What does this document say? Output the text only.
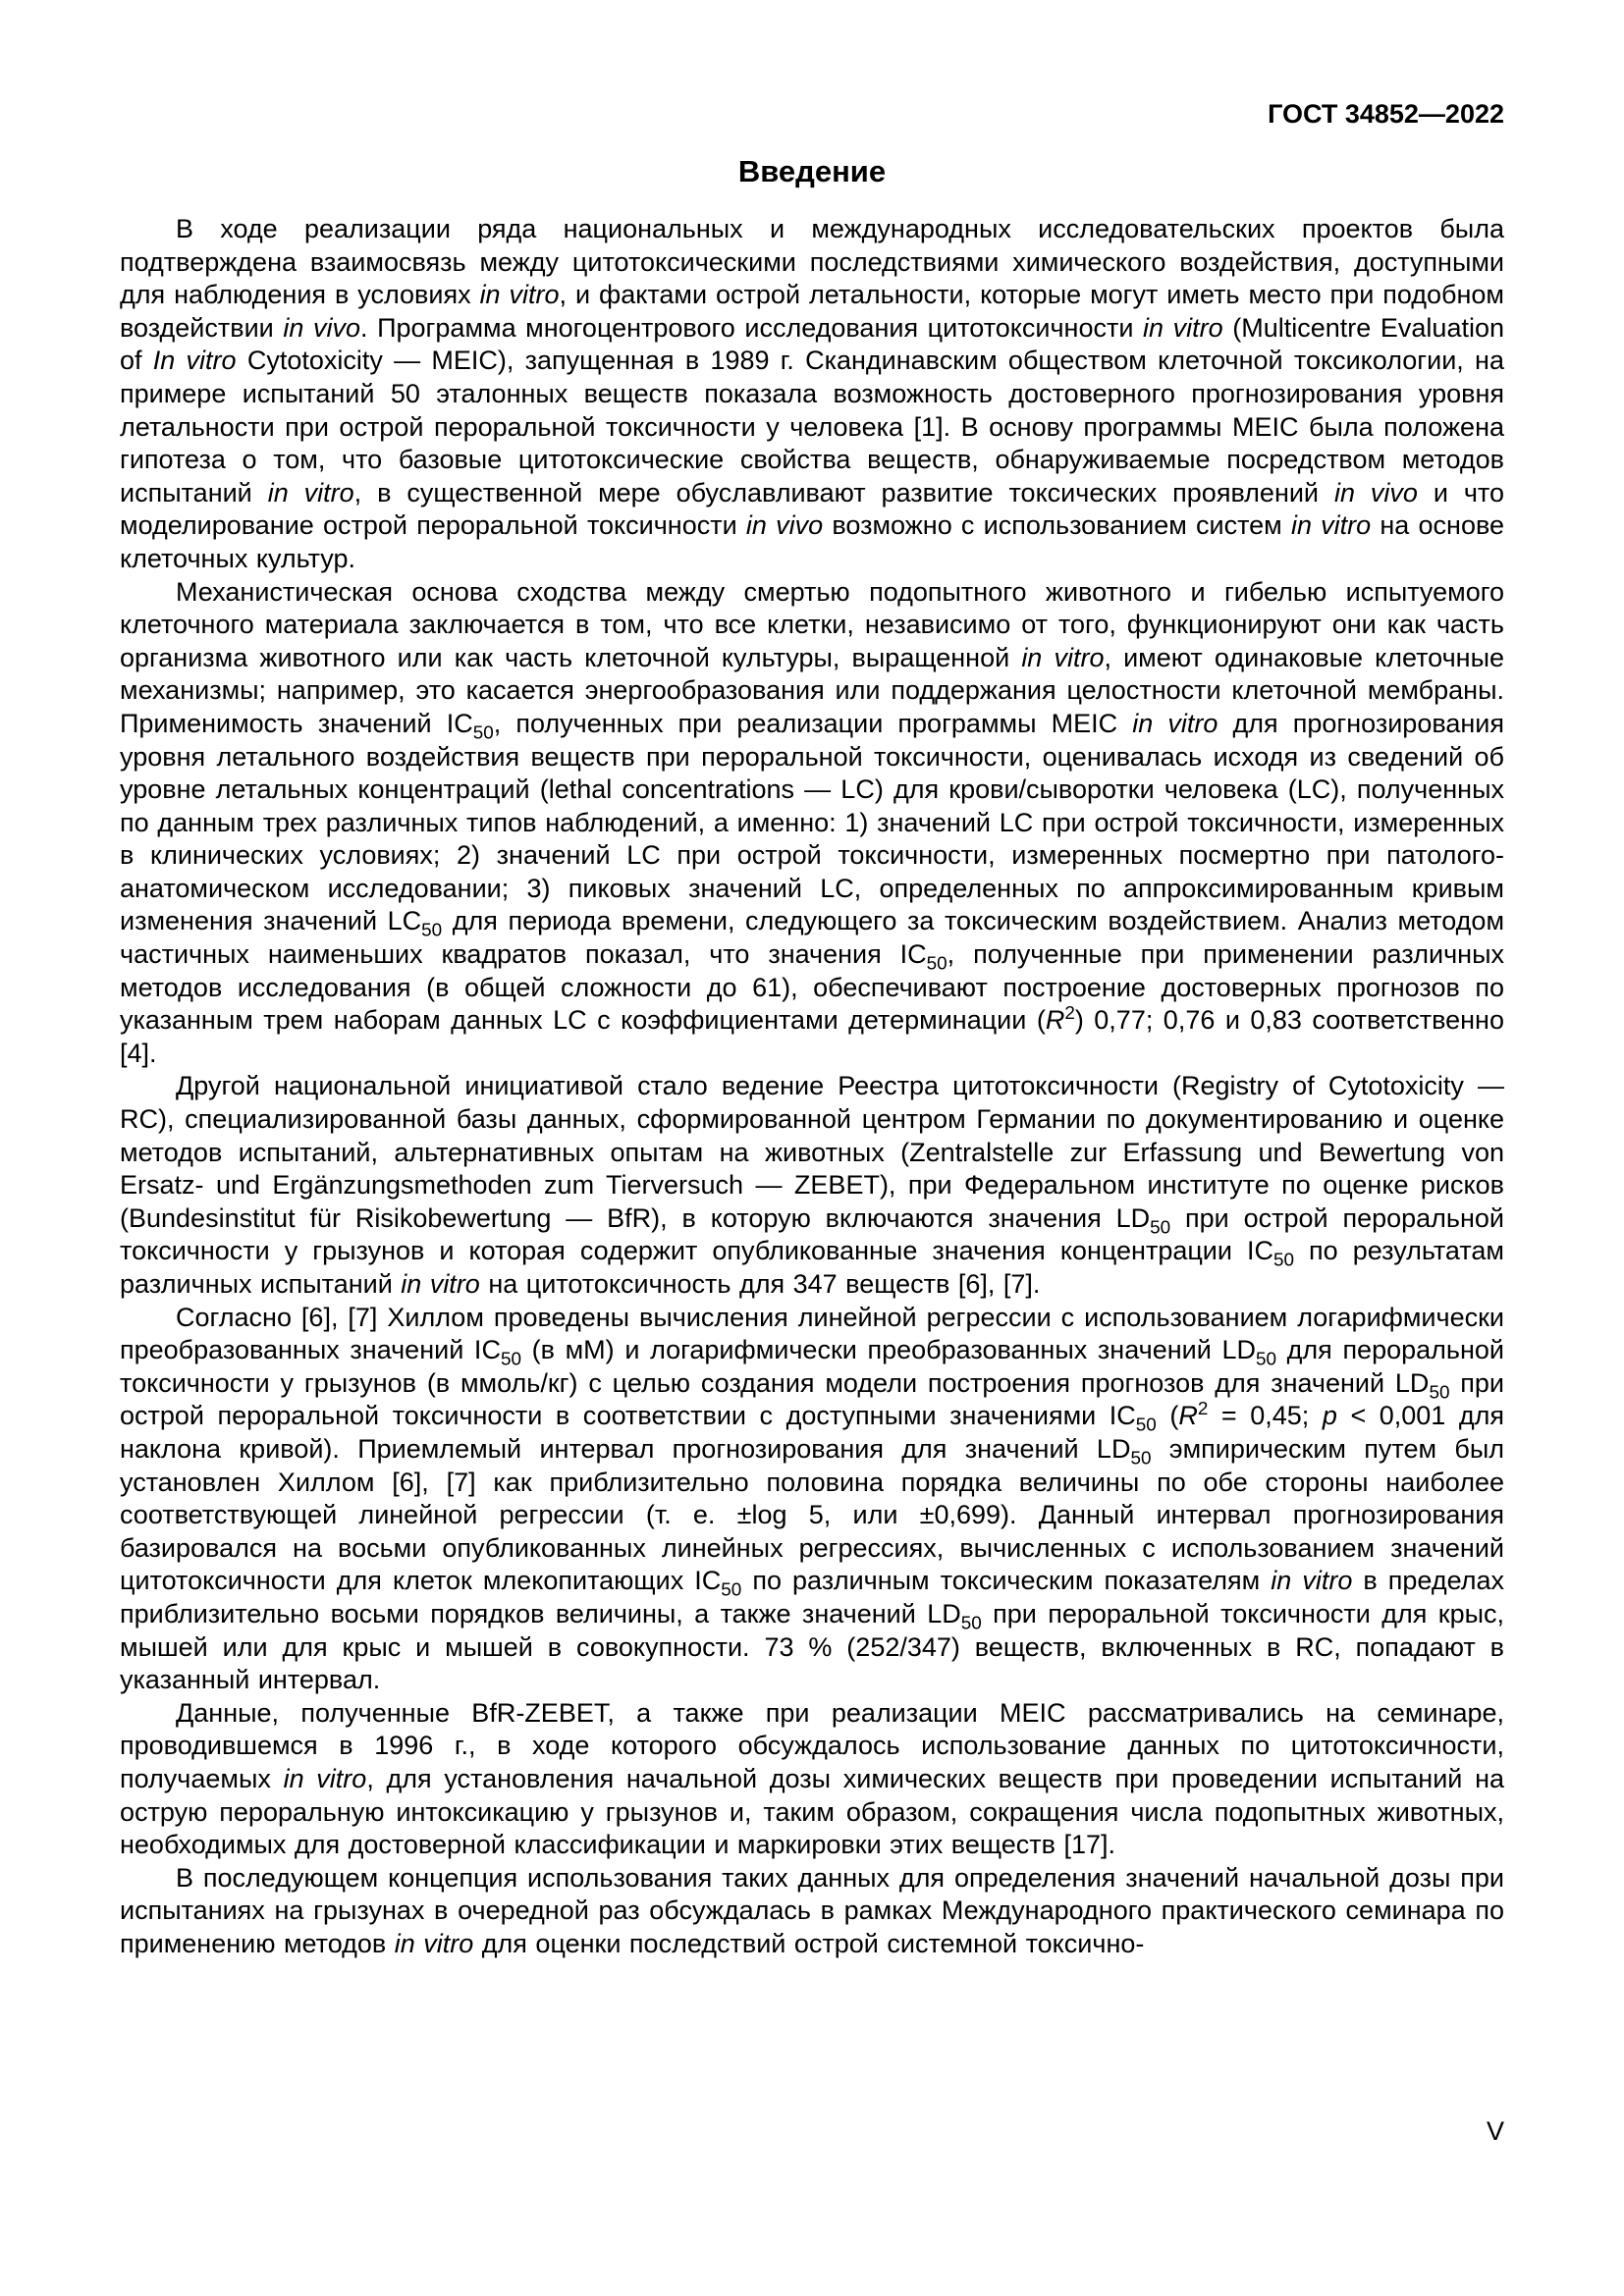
ГОСТ 34852—2022
Введение

В ходе реализации ряда национальных и международных исследовательских проектов была подтверждена взаимосвязь между цитотоксическими последствиями химического воздействия, доступными для наблюдения в условиях in vitro, и фактами острой летальности, которые могут иметь место при подобном воздействии in vivo. Программа многоцентрового исследования цитотоксичности in vitro (Multicentre Evaluation of In vitro Cytotoxicity — MEIC), запущенная в 1989 г. Скандинавским обществом клеточной токсикологии, на примере испытаний 50 эталонных веществ показала возможность достоверного прогнозирования уровня летальности при острой пероральной токсичности у человека [1]. В основу программы MEIC была положена гипотеза о том, что базовые цитотоксические свойства веществ, обнаруживаемые посредством методов испытаний in vitro, в существенной мере обуславливают развитие токсических проявлений in vivo и что моделирование острой пероральной токсичности in vivo возможно с использованием систем in vitro на основе клеточных культур.

Механистическая основа сходства между смертью подопытного животного и гибелью испытуемого клеточного материала заключается в том, что все клетки, независимо от того, функционируют они как часть организма животного или как часть клеточной культуры, выращенной in vitro, имеют одинаковые клеточные механизмы; например, это касается энергообразования или поддержания целостности клеточной мембраны. Применимость значений $IC_{50}$, полученных при реализации программы MEIC in vitro для прогнозирования уровня летального воздействия веществ при пероральной токсичности, оценивалась исходя из сведений об уровне летальных концентраций (lethal concentrations — LC) для крови/сыворотки человека (LC), полученных по данным трех различных типов наблюдений, а именно: 1) значений LC при острой токсичности, измеренных в клинических условиях; 2) значений LC при острой токсичности, измеренных посмертно при патолого-анатомическом исследовании; 3) пиковых значений LC, определенных по аппроксимированным кривым изменения значений $LC_{50}$ для периода времени, следующего за токсическим воздействием. Анализ методом частичных наименьших квадратов показал, что значения $IC_{50}$, полученные при применении различных методов исследования (в общей сложности до 61), обеспечивают построение достоверных прогнозов по указанным трем наборам данных LC с коэффициентами детерминации $(R^2)$ 0,77; 0,76 и 0,83 соответственно [4].

Другой национальной инициативой стало ведение Реестра цитотоксичности (Registry of Cytotoxicity — RC), специализированной базы данных, сформированной центром Германии по документированию и оценке методов испытаний, альтернативных опытам на животных (Zentralstelle zur Erfassung und Bewertung von Ersatz- und Ergänzungsmethoden zum Tierversuch — ZEBET), при Федеральном институте по оценке рисков (Bundesinstitut für Risikobewertung — BfR), в которую включаются значения $LD_{50}$ при острой пероральной токсичности у грызунов и которая содержит опубликованные значения концентрации $IC_{50}$ по результатам различных испытаний in vitro на цитотоксичность для 347 веществ [6], [7].

Согласно [6], [7] Хиллом проведены вычисления линейной регрессии с использованием логарифмически преобразованных значений $IC_{50}$ (в мМ) и логарифмически преобразованных значений $LD_{50}$ для пероральной токсичности у грызунов (в ммоль/кг) с целью создания модели построения прогнозов для значений $LD_{50}$ при острой пероральной токсичности в соответствии с доступными значениями $IC_{50}$ ($R^2 = 0,45$; p < 0,001 для наклона кривой). Приемлемый интервал прогнозирования для значений $LD_{50}$ эмпирическим путем был установлен Хиллом [6], [7] как приблизительно половина порядка величины по обе стороны наиболее соответствующей линейной регрессии (т. е. ±log 5, или ±0,699). Данный интервал прогнозирования базировался на восьми опубликованных линейных регрессиях, вычисленных с использованием значений цитотоксичности для клеток млекопитающих $IC_{50}$ по различным токсическим показателям in vitro в пределах приблизительно восьми порядков величины, а также значений $LD_{50}$ при пероральной токсичности для крыс, мышей или для крыс и мышей в совокупности. 73 % (252/347) веществ, включенных в RC, попадают в указанный интервал.

Данные, полученные BfR-ZEBET, а также при реализации MEIC рассматривались на семинаре, проводившемся в 1996 г., в ходе которого обсуждалось использование данных по цитотоксичности, получаемых in vitro, для установления начальной дозы химических веществ при проведении испытаний на острую пероральную интоксикацию у грызунов и, таким образом, сокращения числа подопытных животных, необходимых для достоверной классификации и маркировки этих веществ [17].

В последующем концепция использования таких данных для определения значений начальной дозы при испытаниях на грызунах в очередной раз обсуждалась в рамках Международного практического семинара по применению методов in vitro для оценки последствий острой системной токсично-

V
